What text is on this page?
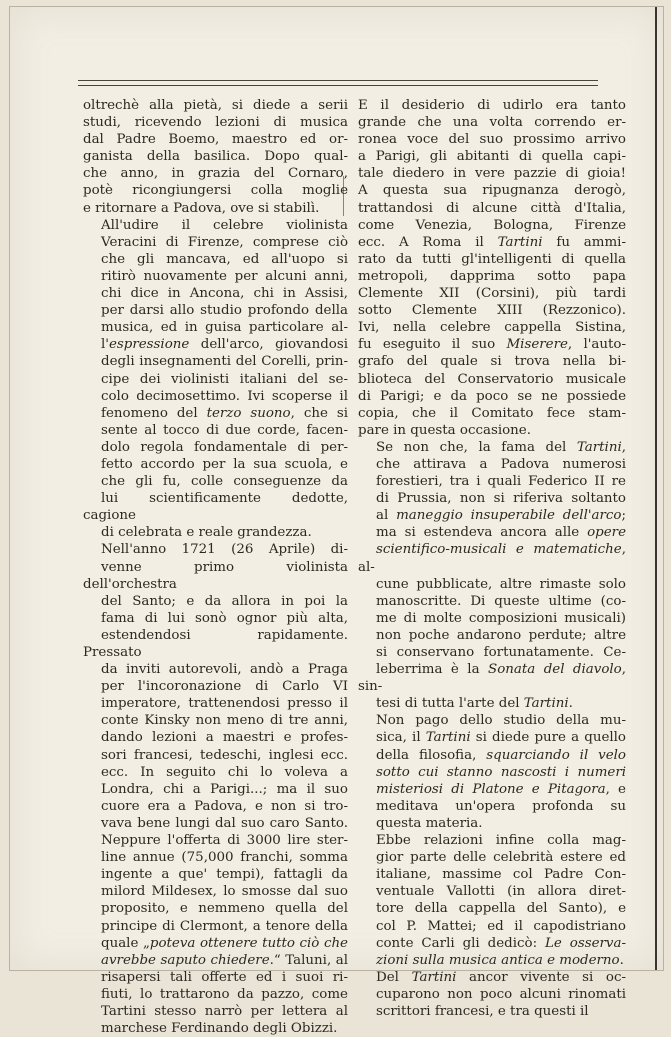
oltrechè alla pietà, si diede a serii
studi, ricevendo lezioni di musica
dal Padre Boemo, maestro ed or-
ganista della basilica. Dopo qual-
che anno, in grazia del Cornaro,
potè ricongiungersi colla moglie
e ritornare a Padova, ove si stabilì.

All'udire il celebre violinista
Veracini di Firenze, comprese ciò
che gli mancava, ed all'uopo si
ritirò nuovamente per alcuni anni,
chi dice in Ancona, chi in Assisi,
per darsi allo studio profondo della
musica, ed in guisa particolare al-
l'espressione dell'arco, giovandosi
degli insegnamenti del Corelli, prin-
cipe dei violinisti italiani del se-
colo decimosettimo. Ivi scoperse il
fenomeno del terzo suono, che si
sente al tocco di due corde, facen-
dolo regola fondamentale di per-
fetto accordo per la sua scuola, e
che gli fu, colle conseguenze da
lui scientificamente dedotte, cagione
di celebrata e reale grandezza.

Nell'anno 1721 (26 Aprile) di-
venne primo violinista dell'orchestra
del Santo; e da allora in poi la
fama di lui sonò ognor più alta,
estendendosi rapidamente. Pressato
da inviti autorevoli, andò a Praga
per l'incoronazione di Carlo VI
imperatore, trattenendosi presso il
conte Kinsky non meno di tre anni,
dando lezioni a maestri e profes-
sori francesi, tedeschi, inglesi ecc.
ecc. In seguito chi lo voleva a
Londra, chi a Parigi...; ma il suo
cuore era a Padova, e non si tro-
vava bene lungi dal suo caro Santo.
Neppure l'offerta di 3000 lire ster-
line annue (75,000 franchi, somma
ingente a que' tempi), fattagli da
milord Mildesex, lo smosse dal suo
proposito, e nemmeno quella del
principe di Clermont, a tenore della
quale „poteva ottenere tutto ciò che
avrebbe saputo chiedere.“ Taluni, al
risapersi tali offerte ed i suoi ri-
fiuti, lo trattarono da pazzo, come
Tartini stesso narrò per lettera al
marchese Ferdinando degli Obizzi.

E il desiderio di udirlo era tanto
grande che una volta correndo er-
ronea voce del suo prossimo arrivo
a Parigi, gli abitanti di quella capi-
tale diedero in vere pazzie di gioia!
A questa sua ripugnanza derogò,
trattandosi di alcune città d'Italia,
come Venezia, Bologna, Firenze
ecc. A Roma il Tartini fu ammi-
rato da tutti gl'intelligenti di quella
metropoli, dapprima sotto papa
Clemente XII (Corsini), più tardi
sotto Clemente XIII (Rezzonico).
Ivi, nella celebre cappella Sistina,
fu eseguito il suo Miserere, l'auto-
grafo del quale si trova nella bi-
blioteca del Conservatorio musicale
di Parigi; e da poco se ne possiede
copia, che il Comitato fece stam-
pare in questa occasione.

Se non che, la fama del Tartini,
che attirava a Padova numerosi
forestieri, tra i quali Federico II re
di Prussia, non si riferiva soltanto
al maneggio insuperabile dell'arco;
ma si estendeva ancora alle opere
scientifico-musicali e matematiche, al-
cune pubblicate, altre rimaste solo
manoscritte. Di queste ultime (co-
me di molte composizioni musicali)
non poche andarono perdute; altre
si conservano fortunatamente. Ce-
leberrima è la Sonata del diavolo, sin-
tesi di tutta l'arte del Tartini.

Non pago dello studio della mu-
sica, il Tartini si diede pure a quello
della filosofia, squarciando il velo
sotto cui stanno nascosti i numeri
misteriosi di Platone e Pitagora, e
meditava un'opera profonda su
questa materia.

Ebbe relazioni infine colla mag-
gior parte delle celebrità estere ed
italiane, massime col Padre Con-
ventuale Vallotti (in allora diret-
tore della cappella del Santo), e
col P. Mattei; ed il capodistriano
conte Carli gli dedicò: Le osserva-
zioni sulla musica antica e moderno.

Del Tartini ancor vivente si oc-
cuparono non poco alcuni rinomati
scrittori francesi, e tra questi il
